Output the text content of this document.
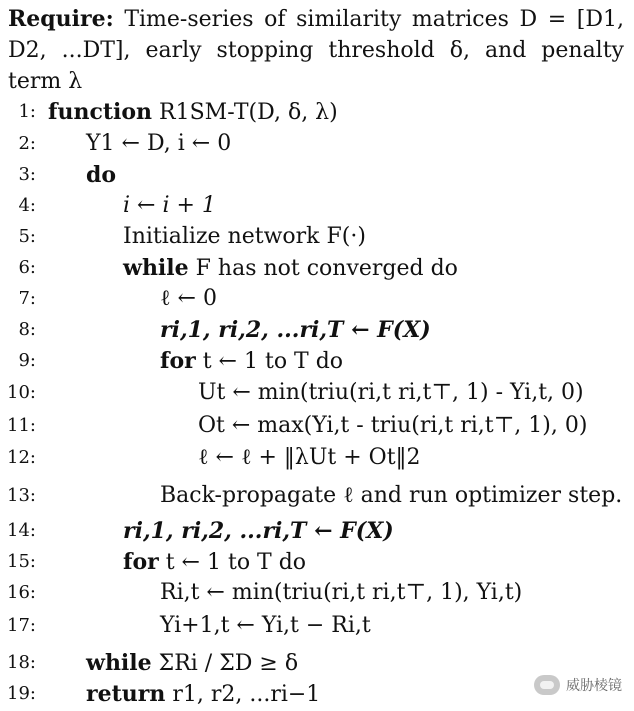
Require: Time-series of similarity matrices D = [D1, D2, ...DT], early stopping threshold δ, and penalty term λ
1: function R1SM-T(D, δ, λ)
2: Y1 ← D, i ← 0
3: do
4:	i ← i + 1
5:	Initialize network F(·)
6:	while F has not converged do
7:	ℓ ← 0
8:	ri,1, ri,2, ...ri,T ← F(X)
9:	for t ← 1 to T do
10:	Ut ← min(triu(ri,t ri,t⊤, 1) - Yi,t, 0)
11:	Ot ← max(Yi,t - triu(ri,t ri,t⊤, 1), 0)
12:	ℓ ← ℓ + ‖λUt + Ot‖2
13:	Back-propagate ℓ and run optimizer step.
14:	ri,1, ri,2, ...ri,T ← F(X)
15:	for t ← 1 to T do
16:	Ri,t ← min(triu(ri,t ri,t⊤, 1), Yi,t)
17:	Yi+1,t ← Yi,t − Ri,t
18: while ΣRi / ΣD ≥ δ
19: return r1, r2, ...ri−1	威胁棱镜
